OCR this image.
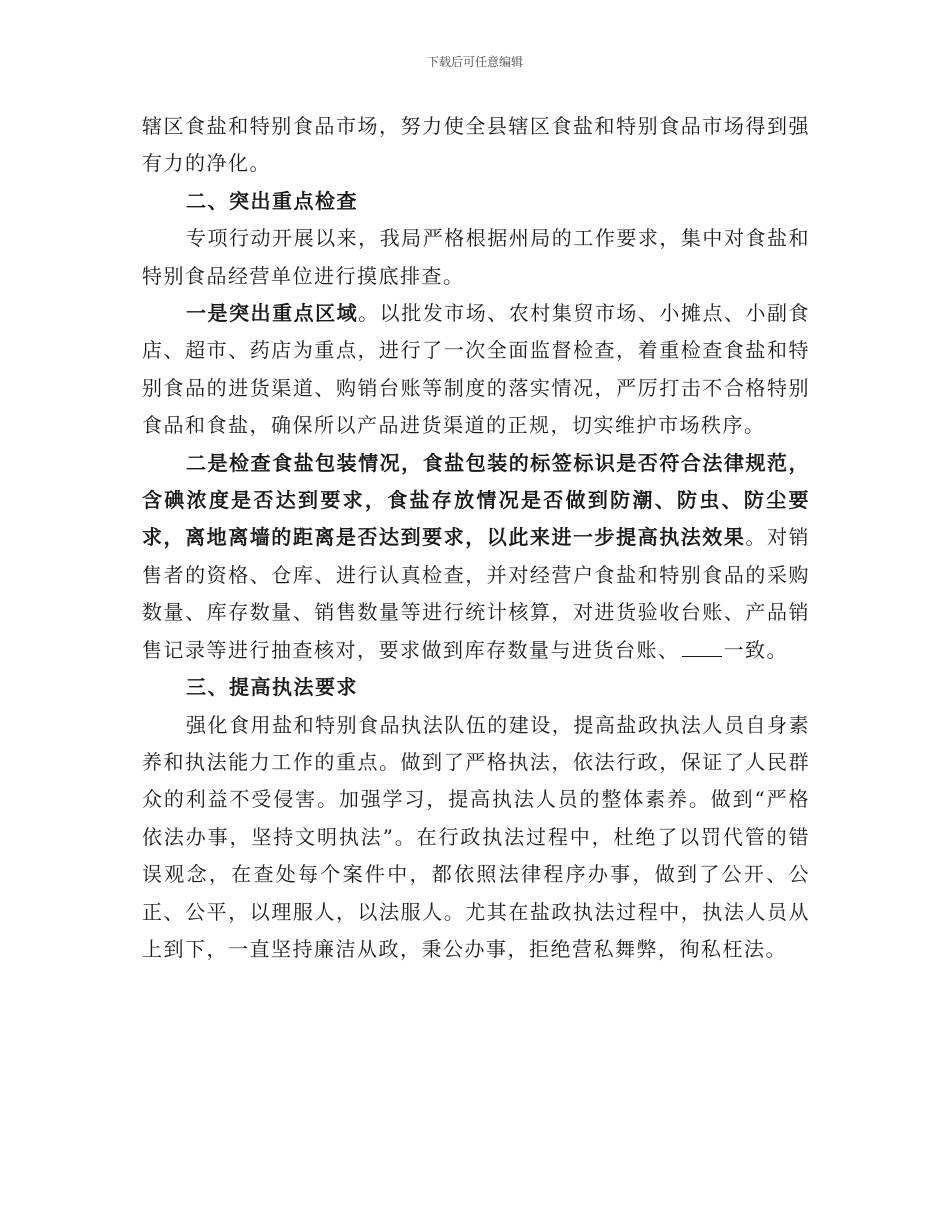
下载后可任意编辑

辖区食盐和特别食品市场，努力使全县辖区食盐和特别食品市场得到强有力的净化。

二、突出重点检查

专项行动开展以来，我局严格根据州局的工作要求，集中对食盐和特别食品经营单位进行摸底排查。

一是突出重点区域。以批发市场、农村集贸市场、小摊点、小副食店、超市、药店为重点，进行了一次全面监督检查，着重检查食盐和特别食品的进货渠道、购销台账等制度的落实情况，严厉打击不合格特别食品和食盐，确保所以产品进货渠道的正规，切实维护市场秩序。

二是检查食盐包装情况，食盐包装的标签标识是否符合法律规范，含碘浓度是否达到要求，食盐存放情况是否做到防潮、防虫、防尘要求，离地离墙的距离是否达到要求，以此来进一步提高执法效果。对销售者的资格、仓库、进行认真检查，并对经营户食盐和特别食品的采购数量、库存数量、销售数量等进行统计核算，对进货验收台账、产品销售记录等进行抽查核对，要求做到库存数量与进货台账、 一致。

三、提高执法要求

强化食用盐和特别食品执法队伍的建设，提高盐政执法人员自身素养和执法能力工作的重点。做到了严格执法，依法行政，保证了人民群众的利益不受侵害。加强学习，提高执法人员的整体素养。做到“严格依法办事，坚持文明执法”。在行政执法过程中，杜绝了以罚代管的错误观念，在查处每个案件中，都依照法律程序办事，做到了公开、公正、公平，以理服人，以法服人。尤其在盐政执法过程中，执法人员从上到下，一直坚持廉洁从政，秉公办事，拒绝营私舞弊，徇私枉法。
